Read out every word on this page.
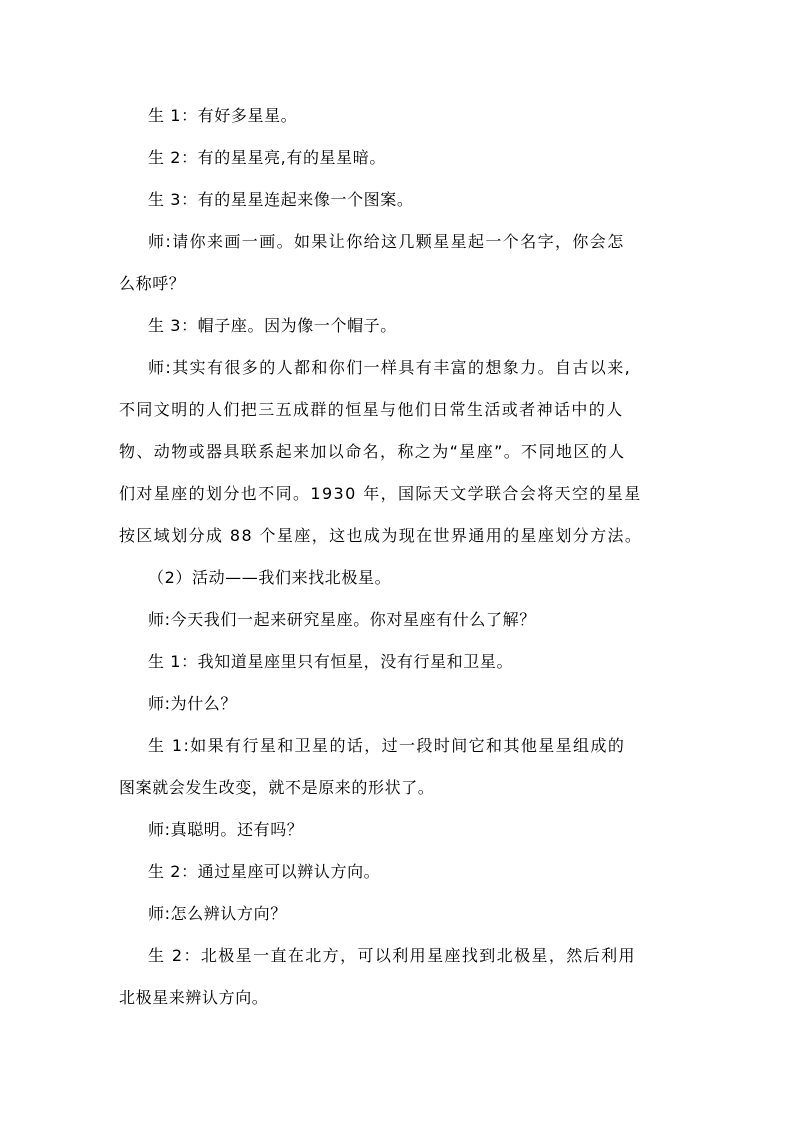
生 1：有好多星星。
生 2：有的星星亮,有的星星暗。
生 3：有的星星连起来像一个图案。
师:请你来画一画。如果让你给这几颗星星起一个名字，你会怎
么称呼？
生 3：帽子座。因为像一个帽子。
师:其实有很多的人都和你们一样具有丰富的想象力。自古以来,
不同文明的人们把三五成群的恒星与他们日常生活或者神话中的人
物、动物或器具联系起来加以命名，称之为“星座”。不同地区的人
们对星座的划分也不同。1930 年，国际天文学联合会将天空的星星
按区域划分成 88 个星座，这也成为现在世界通用的星座划分方法。
（2）活动——我们来找北极星。
师:今天我们一起来研究星座。你对星座有什么了解？
生 1：我知道星座里只有恒星，没有行星和卫星。
师:为什么？
生 1:如果有行星和卫星的话，过一段时间它和其他星星组成的
图案就会发生改变，就不是原来的形状了。
师:真聪明。还有吗？
生 2：通过星座可以辨认方向。
师:怎么辨认方向？
生 2：北极星一直在北方，可以利用星座找到北极星，然后利用
北极星来辨认方向。
